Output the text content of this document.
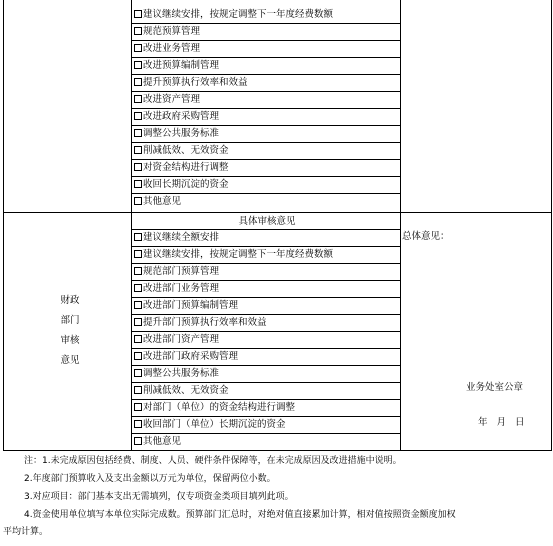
建议继续安排，按规定调整下一年度经费数额
规范预算管理
改进业务管理
改进预算编制管理
提升预算执行效率和效益
改进资产管理
改进政府采购管理
调整公共服务标准
削减低效、无效资金
对资金结构进行调整
收回长期沉淀的资金
其他意见
具体审核意见
建议继续全额安排
建议继续安排，按规定调整下一年度经费数额
规范部门预算管理
改进部门业务管理
改进部门预算编制管理
提升部门预算执行效率和效益
改进部门资产管理
改进部门政府采购管理
调整公共服务标准
削减低效、无效资金
对部门（单位）的资金结构进行调整
收回部门（单位）长期沉淀的资金
其他意见
财政
部门
审核
意见
总体意见：
业务处室公章
年 月 日
注：1.未完成原因包括经费、制度、人员、硬件条件保障等，在未完成原因及改进措施中说明。
2.年度部门预算收入及支出金额以万元为单位，保留两位小数。
3.对应项目：部门基本支出无需填列，仅专项资金类项目填列此项。
4.资金使用单位填写本单位实际完成数。预算部门汇总时，对绝对值直接累加计算，相对值按照资金额度加权
平均计算。
